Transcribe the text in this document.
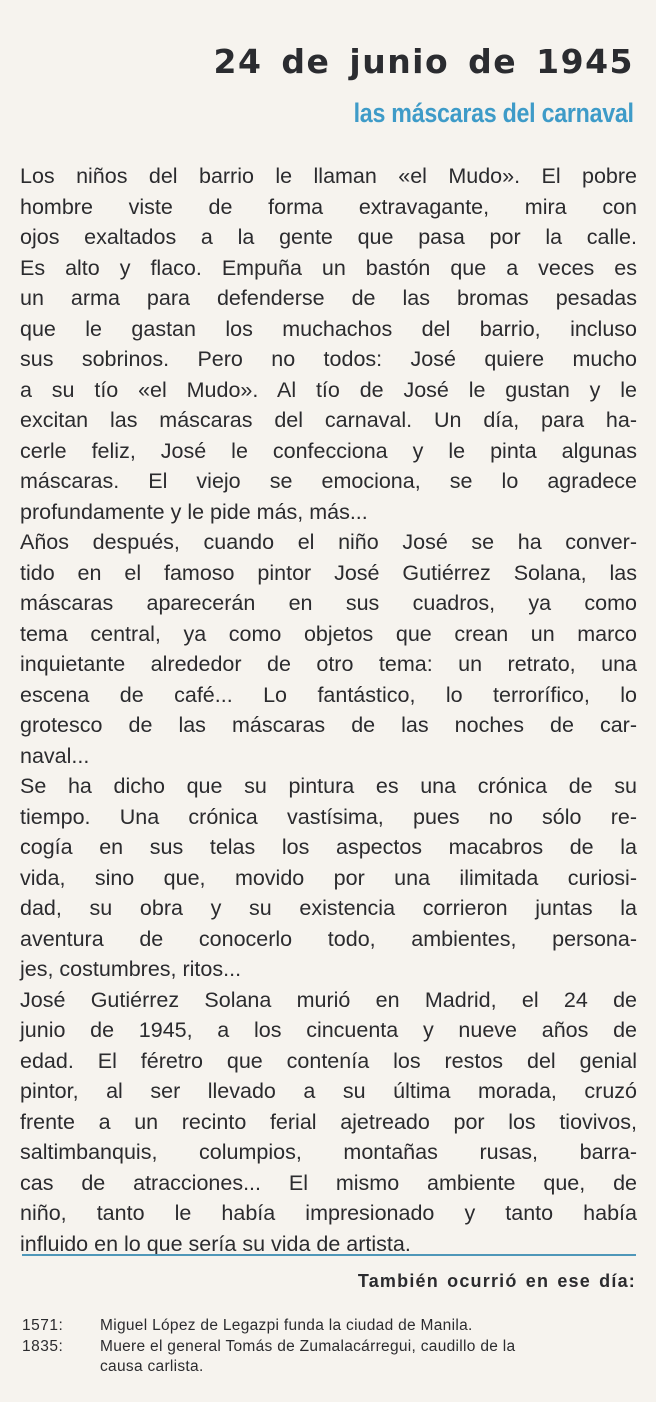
24 de junio de 1945
las máscaras del carnaval
Los niños del barrio le llaman «el Mudo». El pobre
hombre viste de forma extravagante, mira con
ojos exaltados a la gente que pasa por la calle.
Es alto y flaco. Empuña un bastón que a veces es
un arma para defenderse de las bromas pesadas
que le gastan los muchachos del barrio, incluso
sus sobrinos. Pero no todos: José quiere mucho
a su tío «el Mudo». Al tío de José le gustan y le
excitan las máscaras del carnaval. Un día, para ha-
cerle feliz, José le confecciona y le pinta algunas
máscaras. El viejo se emociona, se lo agradece
profundamente y le pide más, más...
Años después, cuando el niño José se ha conver-
tido en el famoso pintor José Gutiérrez Solana, las
máscaras aparecerán en sus cuadros, ya como
tema central, ya como objetos que crean un marco
inquietante alrededor de otro tema: un retrato, una
escena de café... Lo fantástico, lo terrorífico, lo
grotesco de las máscaras de las noches de car-
naval...
Se ha dicho que su pintura es una crónica de su
tiempo. Una crónica vastísima, pues no sólo re-
cogía en sus telas los aspectos macabros de la
vida, sino que, movido por una ilimitada curiosi-
dad, su obra y su existencia corrieron juntas la
aventura de conocerlo todo, ambientes, persona-
jes, costumbres, ritos...
José Gutiérrez Solana murió en Madrid, el 24 de
junio de 1945, a los cincuenta y nueve años de
edad. El féretro que contenía los restos del genial
pintor, al ser llevado a su última morada, cruzó
frente a un recinto ferial ajetreado por los tiovivos,
saltimbanquis, columpios, montañas rusas, barra-
cas de atracciones... El mismo ambiente que, de
niño, tanto le había impresionado y tanto había
influido en lo que sería su vida de artista.
También ocurrió en ese día:
1571:	Miguel López de Legazpi funda la ciudad de Manila.
1835:	Muere el general Tomás de Zumalacárregui, caudillo de la
causa carlista.
